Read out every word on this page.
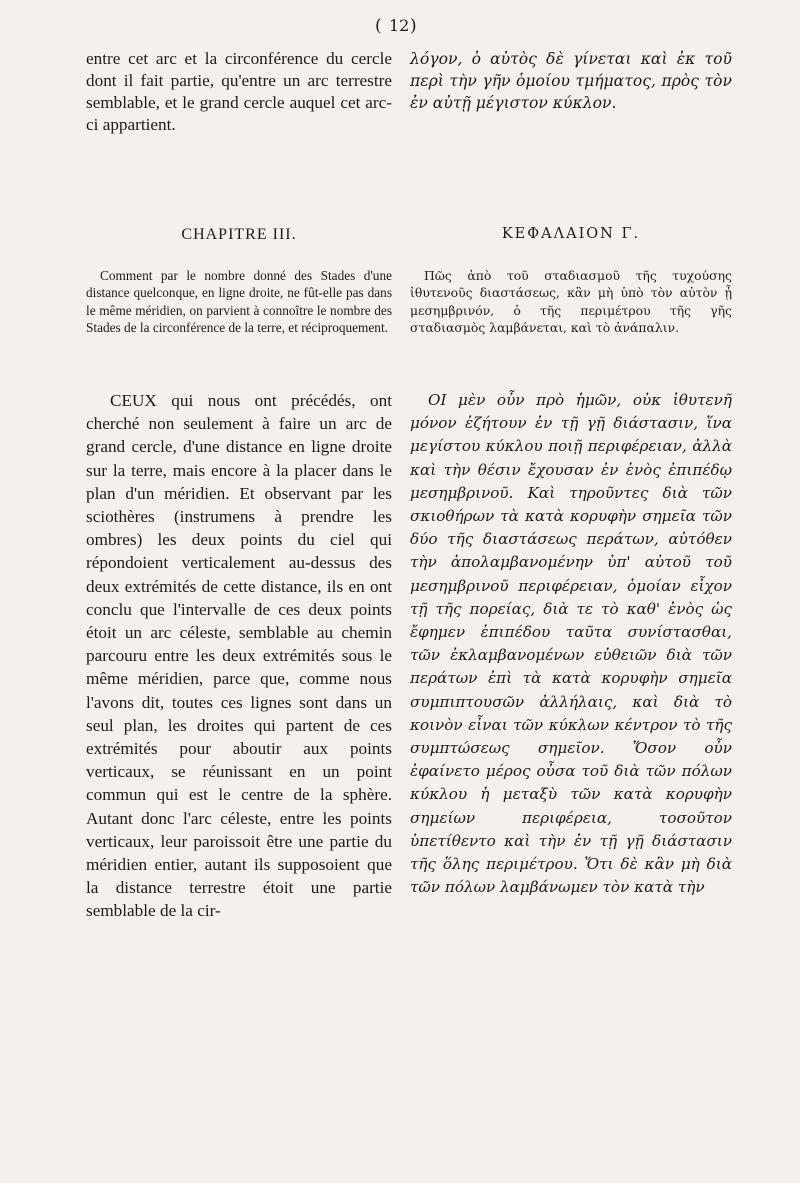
( 12 )

entre cet arc et la circonférence du cercle dont il fait partie, qu'entre un arc terrestre semblable, et le grand cercle auquel cet arc-ci appartient.

CHAPITRE III.

Comment par le nombre donné des Stades d'une distance quelconque, en ligne droite, ne fût-elle pas dans le même méridien, on parvient à connoître le nombre des Stades de la circonférence de la terre, et réciproquement.

CEUX qui nous ont précédés, ont cherché non seulement à faire un arc de grand cercle, d'une distance en ligne droite sur la terre, mais encore à la placer dans le plan d'un méridien. Et observant par les sciothères (instrumens à prendre les ombres) les deux points du ciel qui répondoient verticalement au-dessus des deux extrémités de cette distance, ils en ont conclu que l'intervalle de ces deux points étoit un arc céleste, semblable au chemin parcouru entre les deux extrémités sous le même méridien, parce que, comme nous l'avons dit, toutes ces lignes sont dans un seul plan, les droites qui partent de ces extrémités pour aboutir aux points verticaux, se réunissant en un point commun qui est le centre de la sphère. Autant donc l'arc céleste, entre les points verticaux, leur paroissoit être une partie du méridien entier, autant ils supposoient que la distance terrestre étoit une partie semblable de la cir-

λόγον, ὁ αὐτὸς δὲ γίνεται καὶ ἐκ τοῦ περὶ τὴν γῆν ὁμοίου τμήματος, πρὸς τὸν ἐν αὐτῇ μέγιστον κύκλον.

ΚΕΦΑΛΑΙΟΝ Γ.

Πῶς ἀπὸ τοῦ σταδιασμοῦ τῆς τυχούσης ἰθυτενοῦς διαστάσεως, κἂν μὴ ὑπὸ τὸν αὐτὸν ᾖ μεσημβρινόν, ὁ τῆς περιμέτρου τῆς γῆς σταδιασμὸς λαμβάνεται, καὶ τὸ ἀνάπαλιν.

ΟΙ μὲν οὖν πρὸ ἡμῶν, οὐκ ἰθυτενῆ μόνον ἐζήτουν ἐν τῇ γῇ διάστασιν, ἵνα μεγίστου κύκλου ποιῇ περιφέρειαν, ἀλλὰ καὶ τὴν θέσιν ἔχουσαν ἐν ἑνὸς ἐπιπέδῳ μεσημβρινοῦ. Καὶ τηροῦντες διὰ τῶν σκιοθήρων τὰ κατὰ κορυφὴν σημεῖα τῶν δύο τῆς διαστάσεως περάτων, αὐτόθεν τὴν ἀπολαμβανομένην ὑπ' αὐτοῦ τοῦ μεσημβρινοῦ περιφέρειαν, ὁμοίαν εἶχον τῇ τῆς πορείας, διὰ τε τὸ καθ' ἑνὸς ὡς ἔφημεν ἐπιπέδου ταῦτα συνίστασθαι, τῶν ἐκλαμβανομένων εὐθειῶν διὰ τῶν περάτων ἐπὶ τὰ κατὰ κορυφὴν σημεῖα συμπιπτουσῶν ἀλλήλαις, καὶ διὰ τὸ κοινὸν εἶναι τῶν κύκλων κέντρον τὸ τῆς συμπτώσεως σημεῖον. Ὅσον οὖν ἐφαίνετο μέρος οὖσα τοῦ διὰ τῶν πόλων κύκλου ἡ μεταξὺ τῶν κατὰ κορυφὴν σημείων περιφέρεια, τοσοῦτον ὑπετίθεντο καὶ τὴν ἐν τῇ γῇ διάστασιν τῆς ὅλης περιμέτρου. Ὅτι δὲ κἂν μὴ διὰ τῶν πόλων λαμβάνωμεν τὸν κατὰ τὴν
